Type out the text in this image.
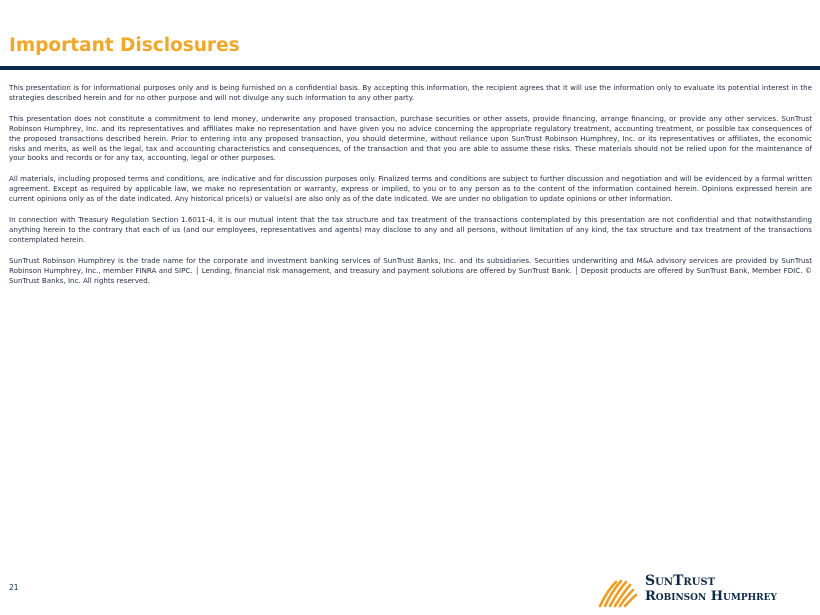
Important Disclosures

This presentation is for informational purposes only and is being furnished on a confidential basis. By accepting this information, the recipient agrees that it will use the information only to evaluate its potential interest in the strategies described herein and for no other purpose and will not divulge any such information to any other party.

This presentation does not constitute a commitment to lend money, underwrite any proposed transaction, purchase securities or other assets, provide financing, arrange financing, or provide any other services. SunTrust Robinson Humphrey, Inc. and its representatives and affiliates make no representation and have given you no advice concerning the appropriate regulatory treatment, accounting treatment, or possible tax consequences of the proposed transactions described herein. Prior to entering into any proposed transaction, you should determine, without reliance upon SunTrust Robinson Humphrey, Inc. or its representatives or affiliates, the economic risks and merits, as well as the legal, tax and accounting characteristics and consequences, of the transaction and that you are able to assume these risks. These materials should not be relied upon for the maintenance of your books and records or for any tax, accounting, legal or other purposes.

All materials, including proposed terms and conditions, are indicative and for discussion purposes only. Finalized terms and conditions are subject to further discussion and negotiation and will be evidenced by a formal written agreement. Except as required by applicable law, we make no representation or warranty, express or implied, to you or to any person as to the content of the information contained herein. Opinions expressed herein are current opinions only as of the date indicated. Any historical price(s) or value(s) are also only as of the date indicated. We are under no obligation to update opinions or other information.

In connection with Treasury Regulation Section 1.6011-4, it is our mutual intent that the tax structure and tax treatment of the transactions contemplated by this presentation are not confidential and that notwithstanding anything herein to the contrary that each of us (and our employees, representatives and agents) may disclose to any and all persons, without limitation of any kind, the tax structure and tax treatment of the transactions contemplated herein.

SunTrust Robinson Humphrey is the trade name for the corporate and investment banking services of SunTrust Banks, Inc. and its subsidiaries. Securities underwriting and M&A advisory services are provided by SunTrust Robinson Humphrey, Inc., member FINRA and SIPC. │ Lending, financial risk management, and treasury and payment solutions are offered by SunTrust Bank. │ Deposit products are offered by SunTrust Bank, Member FDIC. © SunTrust Banks, Inc. All rights reserved.

21	SunTrust
Robinson Humphrey
